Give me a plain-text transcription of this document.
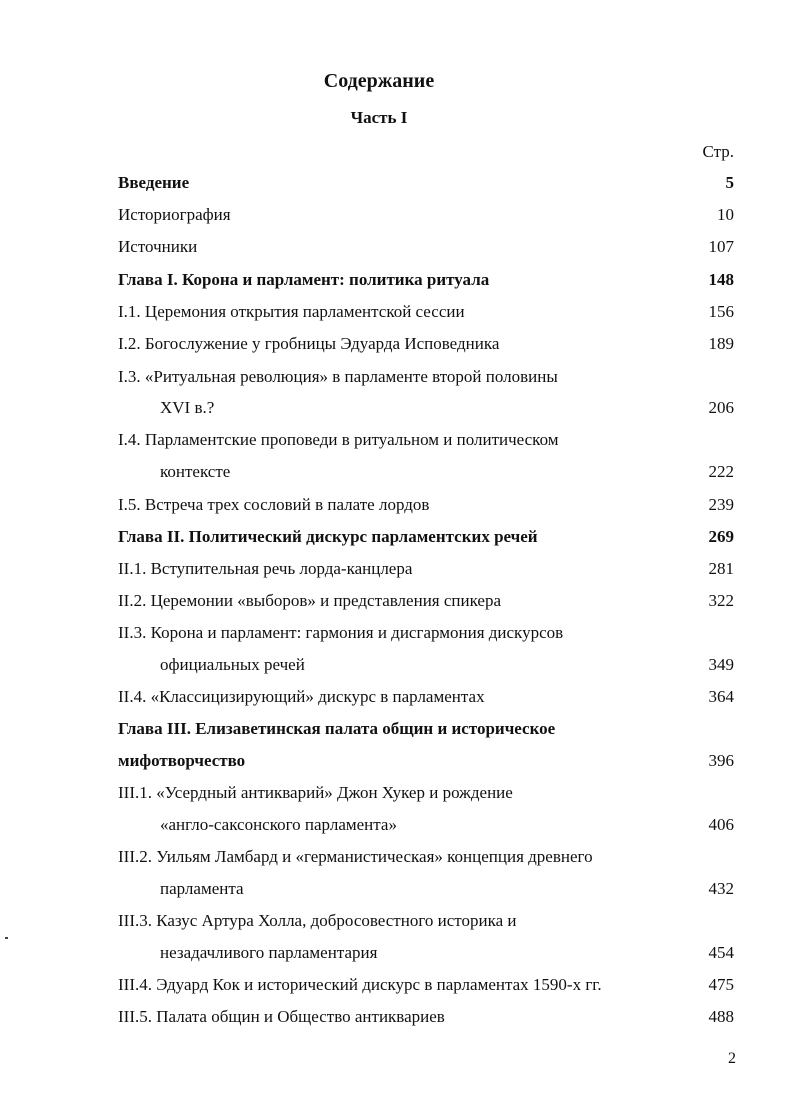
Содержание
Часть I
Стр.
Введение	5
Историография	10
Источники	107
Глава I. Корона и парламент: политика ритуала	148
I.1. Церемония открытия парламентской сессии	156
I.2. Богослужение у гробницы Эдуарда Исповедника	189
I.3. «Ритуальная революция» в парламенте второй половины
XVI в.?	206
I.4. Парламентские проповеди в ритуальном и политическом
контексте	222
I.5. Встреча трех сословий в палате лордов	239
Глава II. Политический дискурс парламентских речей	269
II.1. Вступительная речь лорда-канцлера	281
II.2. Церемонии «выборов» и представления спикера	322
II.3. Корона и парламент: гармония и дисгармония дискурсов
официальных речей	349
II.4. «Классицизирующий» дискурс в парламентах	364
Глава III. Елизаветинская палата общин и историческое
мифотворчество	396
III.1. «Усердный антикварий» Джон Хукер и рождение
«англо-саксонского парламента»	406
III.2. Уильям Ламбард и «германистическая» концепция древнего
парламента	432
III.3. Казус Артура Холла, добросовестного историка и
незадачливого парламентария	454
III.4. Эдуард Кок и исторический дискурс в парламентах 1590-х гг.	475
III.5. Палата общин и Общество антиквариев	488
2
